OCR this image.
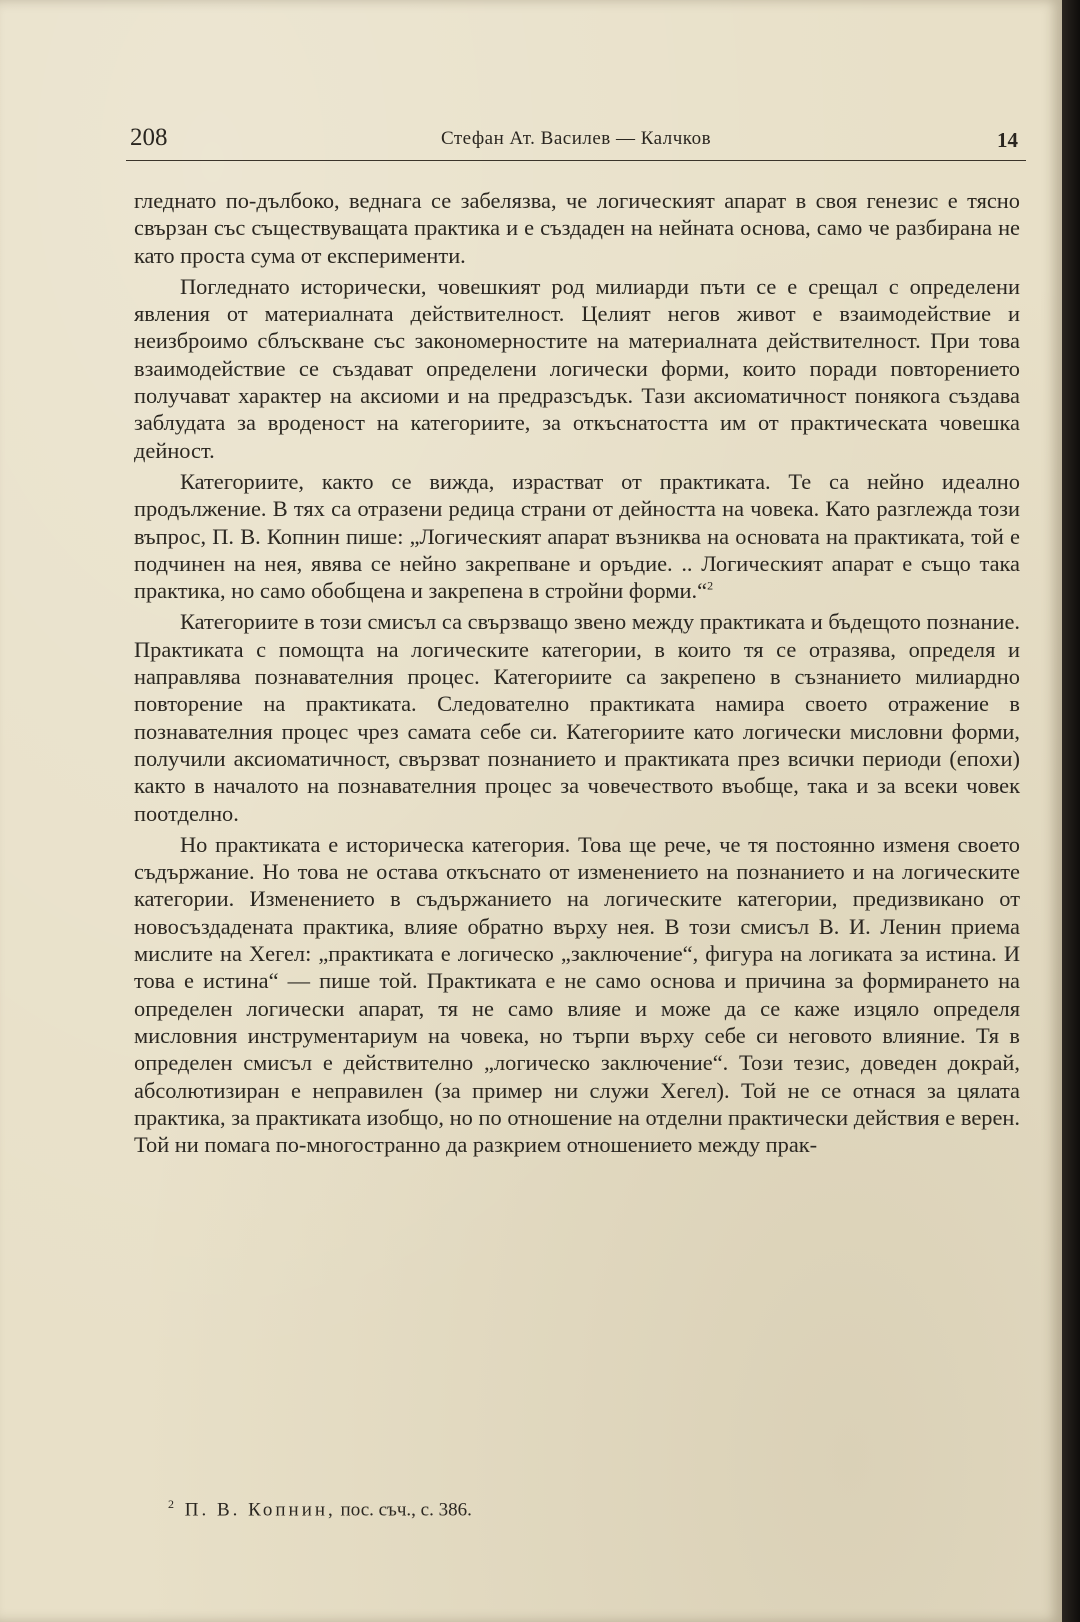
208	Стефан Ат. Василев — Калчков	14

гледнато по-дълбоко, веднага се забелязва, че логическият апарат в своя генезис е тясно свързан със съществуващата практика и е създаден на нейната основа, само че разбирана не като проста сума от експерименти.

Погледнато исторически, човешкият род милиарди пъти се е срещал с определени явления от материалната действителност. Целият негов живот е взаимодействие и неизброимо сблъскване със закономерностите на материалната действителност. При това взаимодействие се създават определени логически форми, които поради повторението получават характер на аксиоми и на предразсъдък. Тази аксиоматичност понякога създава заблудата за вроденост на категориите, за откъснатостта им от практическата човешка дейност.

Категориите, както се вижда, израстват от практиката. Те са нейно идеално продължение. В тях са отразени редица страни от дейността на човека. Като разглежда този въпрос, П. В. Копнин пише: „Логическият апарат възниква на основата на практиката, той е подчинен на нея, явява се нейно закрепване и оръдие. .. Логическият апарат е също така практика, но само обобщена и закрепена в стройни форми.“$^2$

Категориите в този смисъл са свързващо звено между практиката и бъдещото познание. Практиката с помощта на логическите категории, в които тя се отразява, определя и направлява познавателния процес. Категориите са закрепено в съзнанието милиардно повторение на практиката. Следователно практиката намира своето отражение в познавателния процес чрез самата себе си. Категориите като логически мисловни форми, получили аксиоматичност, свързват познанието и практиката през всички периоди (епохи) както в началото на познавателния процес за човечеството въобще, така и за всеки човек поотделно.

Но практиката е историческа категория. Това ще рече, че тя постоянно изменя своето съдържание. Но това не остава откъснато от изменението на познанието и на логическите категории. Изменението в съдържанието на логическите категории, предизвикано от новосъздадената практика, влияе обратно върху нея. В този смисъл В. И. Ленин приема мислите на Хегел: „практиката е логическо „заключение“, фигура на логиката за истина. И това е истина“ — пише той. Практиката е не само основа и причина за формирането на определен логически апарат, тя не само влияе и може да се каже изцяло определя мисловния инструментариум на човека, но търпи върху себе си неговото влияние. Тя в определен смисъл е действително „логическо заключение“. Този тезис, доведен докрай, абсолютизиран е неправилен (за пример ни служи Хегел). Той не се отнася за цялата практика, за практиката изобщо, но по отношение на отделни практически действия е верен. Той ни помага по-многостранно да разкрием отношението между прак-

$^2$ П. В. Копнин, пос. съч., с. 386.
